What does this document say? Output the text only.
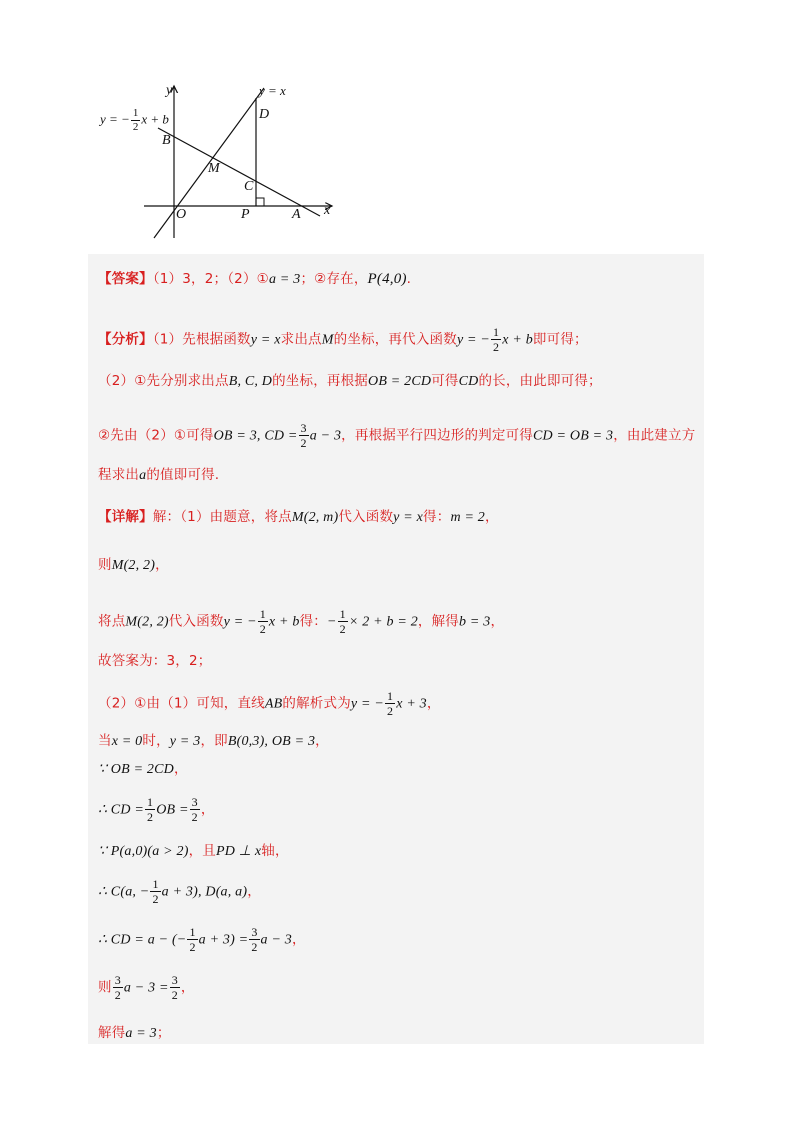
y
x
y = x
y = − $\frac{1}{2}$ x + b
B
M
C
D
O	P	A
【答案】（1）3，2；（2）①a = 3；②存在，P(4,0).
【分析】（1）先根据函数y = x求出点M的坐标，再代入函数y = − $\frac{1}{2}$ x + b即可得；
（2）①先分别求出点B, C, D的坐标，再根据OB = 2CD可得CD的长，由此即可得；
②先由（2）①可得OB = 3, CD = $\frac{3}{2}$ a − 3，再根据平行四边形的判定可得CD = OB = 3，由此建立方
程求出a的值即可得.
【详解】解：（1）由题意，将点M(2, m)代入函数y = x得：m = 2，
则M(2, 2)，
将点M(2, 2)代入函数y = − $\frac{1}{2}$ x + b得：− $\frac{1}{2} \times 2 + b = 2$，解得b = 3，
故答案为：3，2；
（2）①由（1）可知，直线AB的解析式为y = − $\frac{1}{2}$ x + 3，
当x = 0时，y = 3，即B(0,3), OB = 3，
∵ OB = 2CD，
∴ CD = $\frac{1}{2}$ OB = $\frac{3}{2}$ ，
∵ P(a,0)(a > 2)，且PD ⊥ x轴，
∴ C(a, − $\frac{1}{2}$ a + 3), D(a, a)，
∴ CD = a − (− $\frac{1}{2}$ $a + 3) = \frac{3}{2}$ a − 3，
则 $\frac{3}{2}$ $a - 3 = \frac{3}{2}$ ，
解得a = 3；
